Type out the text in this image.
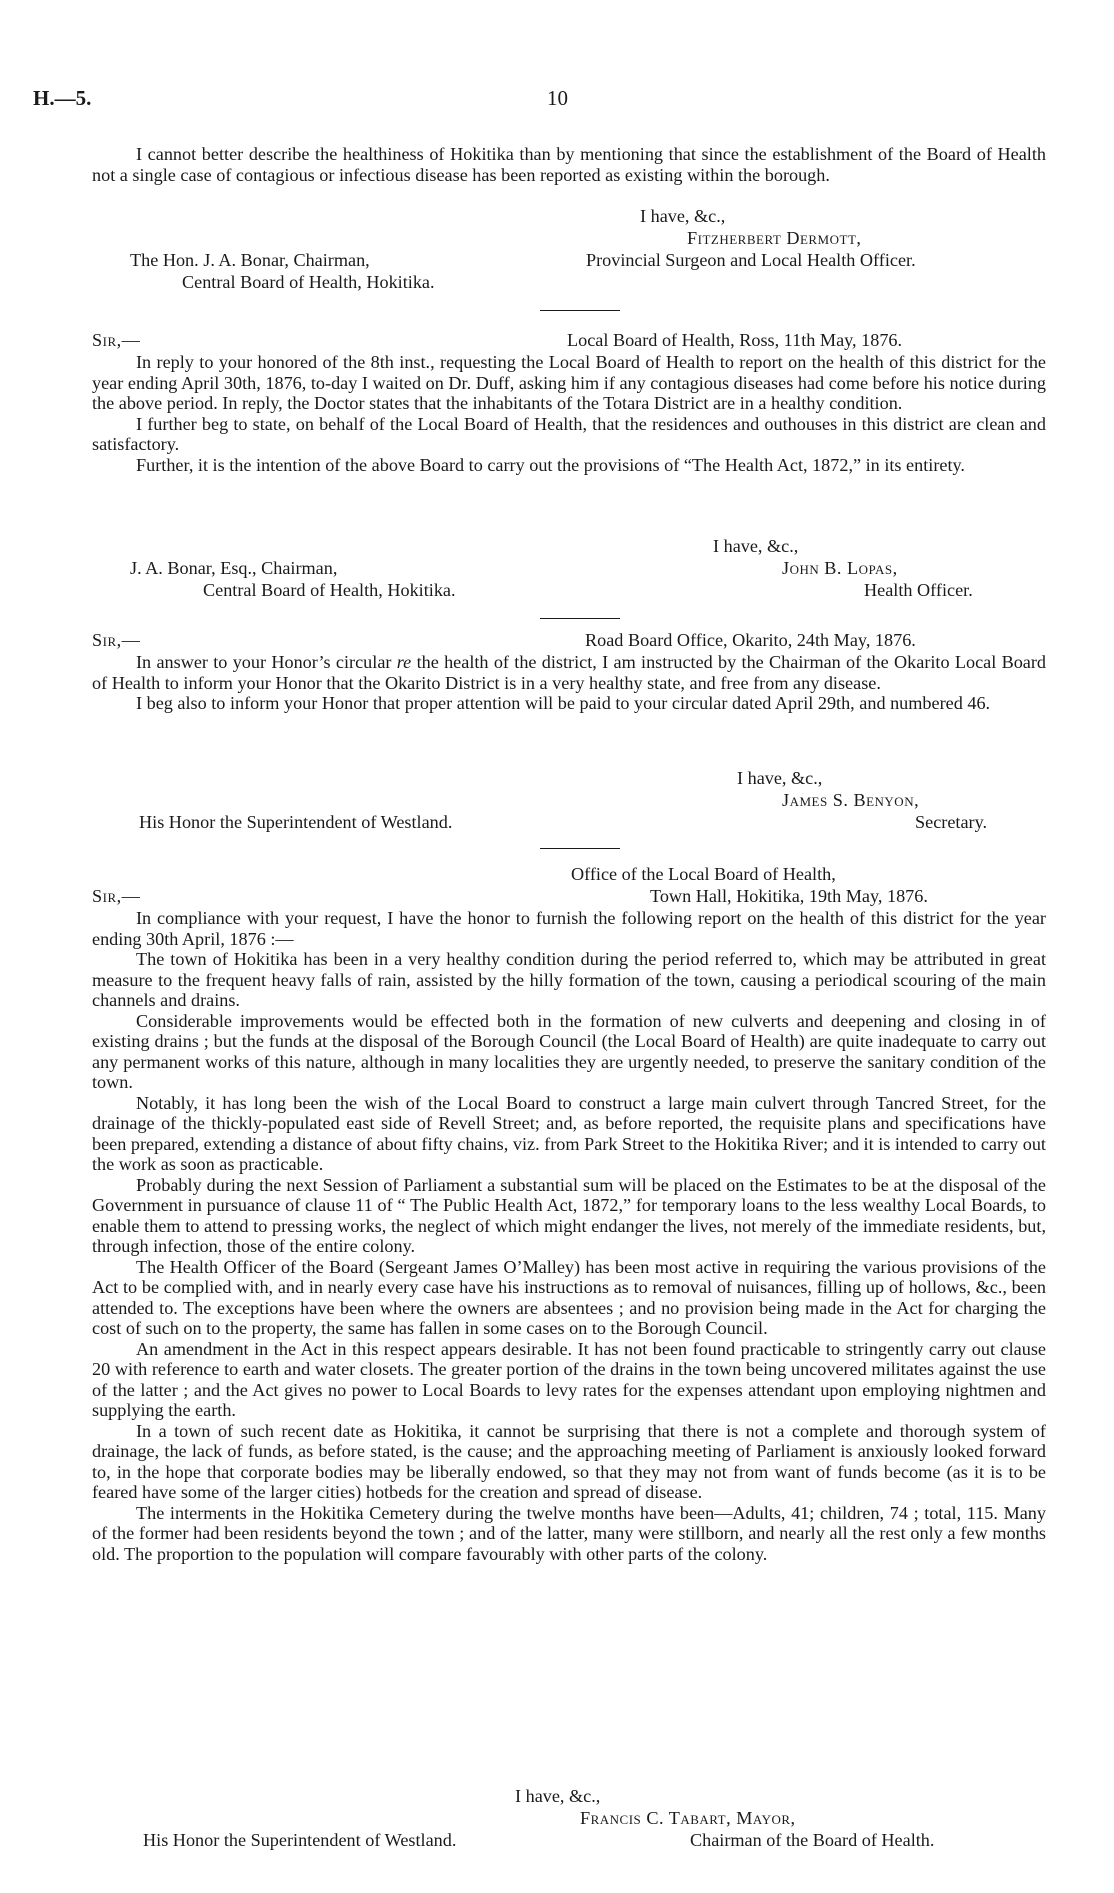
H.—5.	10

I cannot better describe the healthiness of Hokitika than by mentioning that since the establishment of the Board of Health not a single case of contagious or infectious disease has been reported as existing within the borough.

I have, &c.,
Fitzherbert Dermott,
Provincial Surgeon and Local Health Officer.
The Hon. J. A. Bonar, Chairman,
Central Board of Health, Hokitika.
Sir,—	Local Board of Health, Ross, 11th May, 1876.

In reply to your honored of the 8th inst., requesting the Local Board of Health to report on the health of this district for the year ending April 30th, 1876, to-day I waited on Dr. Duff, asking him if any contagious diseases had come before his notice during the above period. In reply, the Doctor states that the inhabitants of the Totara District are in a healthy condition.

I further beg to state, on behalf of the Local Board of Health, that the residences and outhouses in this district are clean and satisfactory.

Further, it is the intention of the above Board to carry out the provisions of “The Health Act, 1872,” in its entirety.

I have, &c.,
J. A. Bonar, Esq., Chairman,	John B. Lopas,
Central Board of Health, Hokitika.	Health Officer.
Sir,—	Road Board Office, Okarito, 24th May, 1876.

In answer to your Honor’s circular re the health of the district, I am instructed by the Chairman of the Okarito Local Board of Health to inform your Honor that the Okarito District is in a very healthy state, and free from any disease.

I beg also to inform your Honor that proper attention will be paid to your circular dated April 29th, and numbered 46.

I have, &c.,
James S. Benyon,
His Honor the Superintendent of Westland.	Secretary.
Office of the Local Board of Health,
Sir,—	Town Hall, Hokitika, 19th May, 1876.

In compliance with your request, I have the honor to furnish the following report on the health of this district for the year ending 30th April, 1876 :—

The town of Hokitika has been in a very healthy condition during the period referred to, which may be attributed in great measure to the frequent heavy falls of rain, assisted by the hilly formation of the town, causing a periodical scouring of the main channels and drains.

Considerable improvements would be effected both in the formation of new culverts and deepening and closing in of existing drains ; but the funds at the disposal of the Borough Council (the Local Board of Health) are quite inadequate to carry out any permanent works of this nature, although in many localities they are urgently needed, to preserve the sanitary condition of the town.

Notably, it has long been the wish of the Local Board to construct a large main culvert through Tancred Street, for the drainage of the thickly-populated east side of Revell Street; and, as before reported, the requisite plans and specifications have been prepared, extending a distance of about fifty chains, viz. from Park Street to the Hokitika River; and it is intended to carry out the work as soon as practicable.

Probably during the next Session of Parliament a substantial sum will be placed on the Estimates to be at the disposal of the Government in pursuance of clause 11 of “ The Public Health Act, 1872,” for temporary loans to the less wealthy Local Boards, to enable them to attend to pressing works, the neglect of which might endanger the lives, not merely of the immediate residents, but, through infection, those of the entire colony.

The Health Officer of the Board (Sergeant James O’Malley) has been most active in requiring the various provisions of the Act to be complied with, and in nearly every case have his instructions as to removal of nuisances, filling up of hollows, &c., been attended to. The exceptions have been where the owners are absentees ; and no provision being made in the Act for charging the cost of such on to the property, the same has fallen in some cases on to the Borough Council.

An amendment in the Act in this respect appears desirable. It has not been found practicable to stringently carry out clause 20 with reference to earth and water closets. The greater portion of the drains in the town being uncovered militates against the use of the latter ; and the Act gives no power to Local Boards to levy rates for the expenses attendant upon employing nightmen and supplying the earth.

In a town of such recent date as Hokitika, it cannot be surprising that there is not a complete and thorough system of drainage, the lack of funds, as before stated, is the cause; and the approaching meeting of Parliament is anxiously looked forward to, in the hope that corporate bodies may be liberally endowed, so that they may not from want of funds become (as it is to be feared have some of the larger cities) hotbeds for the creation and spread of disease.

The interments in the Hokitika Cemetery during the twelve months have been—Adults, 41; children, 74 ; total, 115. Many of the former had been residents beyond the town ; and of the latter, many were stillborn, and nearly all the rest only a few months old. The proportion to the population will compare favourably with other parts of the colony.

I have, &c.,
Francis C. Tabart, Mayor,
His Honor the Superintendent of Westland.	Chairman of the Board of Health.
